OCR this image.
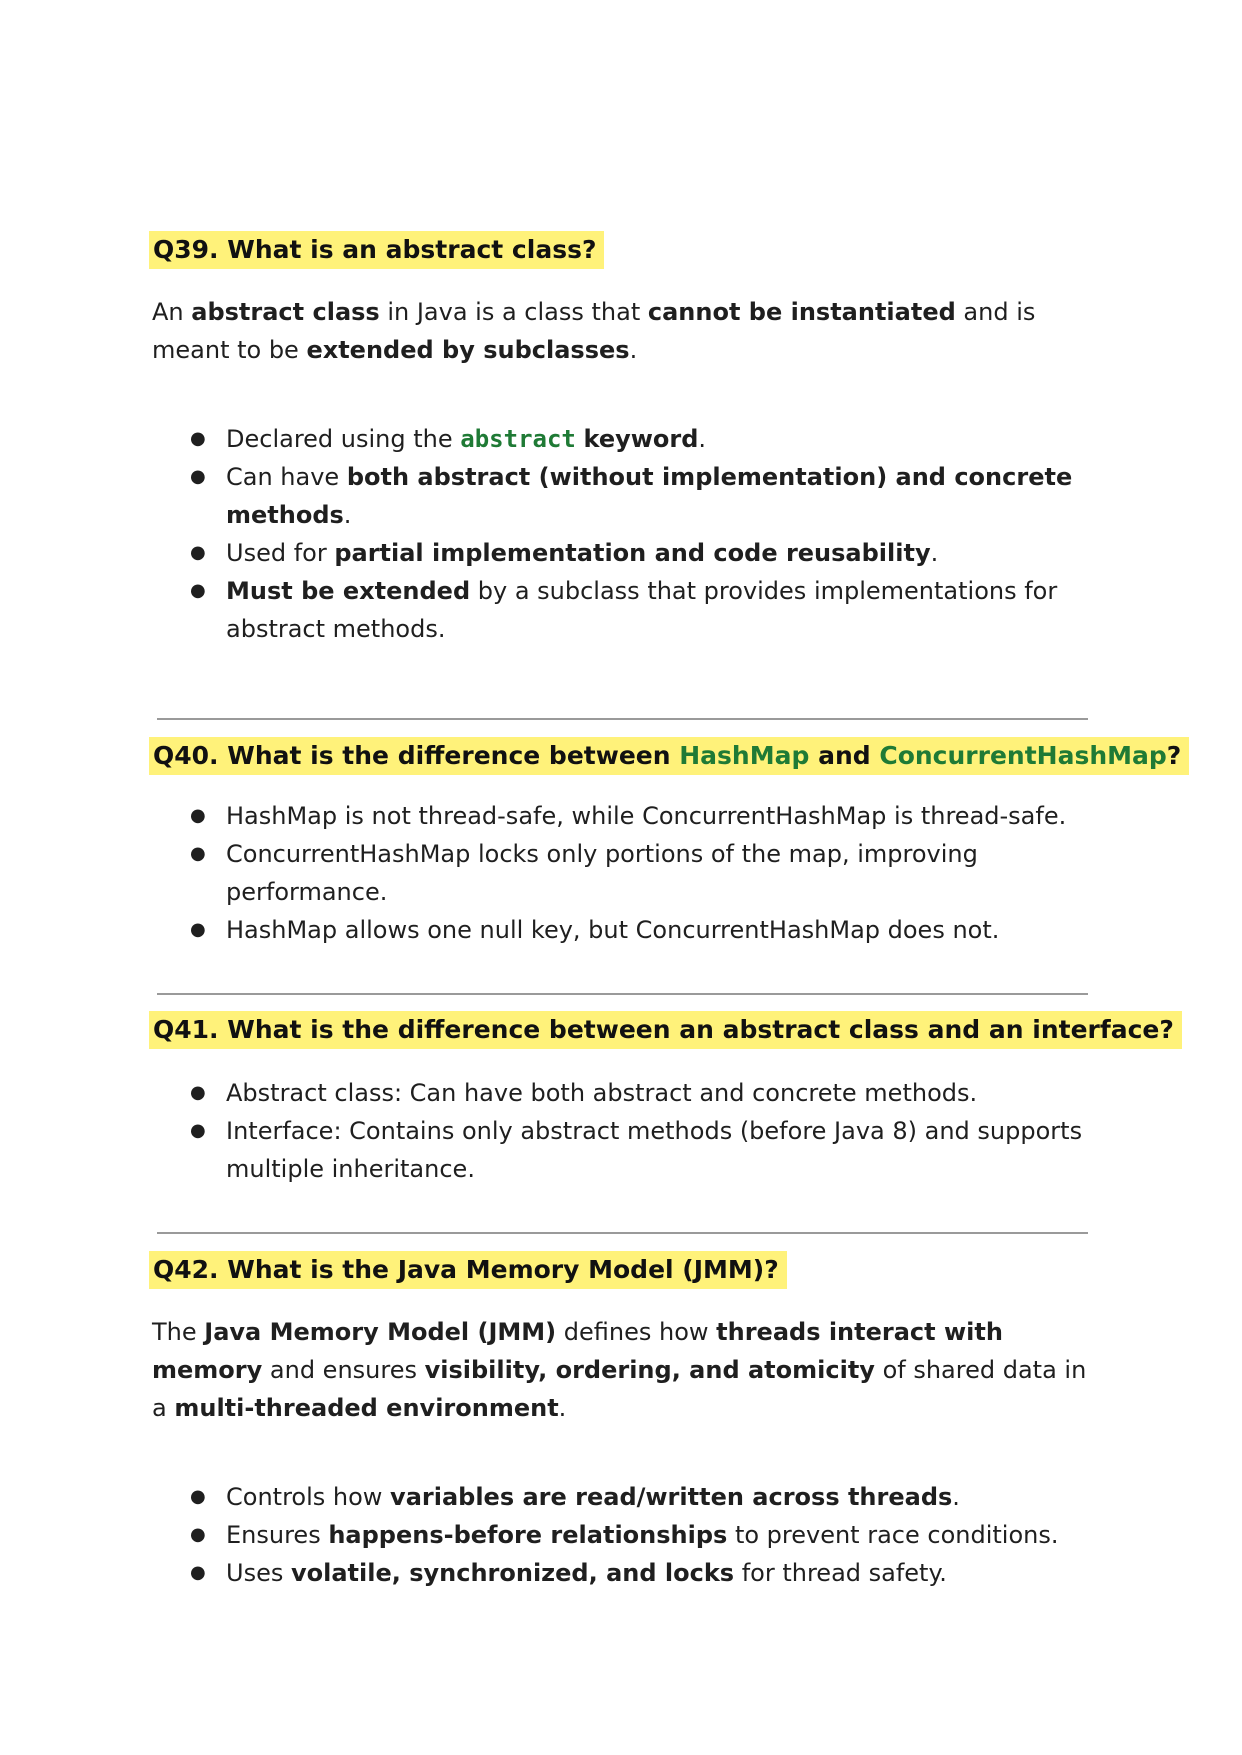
Q39. What is an abstract class?
An abstract class in Java is a class that cannot be instantiated and is meant to be extended by subclasses.
● Declared using the abstract keyword.
● Can have both abstract (without implementation) and concrete methods.
● Used for partial implementation and code reusability.
● Must be extended by a subclass that provides implementations for abstract methods.
Q40. What is the difference between HashMap and ConcurrentHashMap?
● HashMap is not thread-safe, while ConcurrentHashMap is thread-safe.
● ConcurrentHashMap locks only portions of the map, improving performance.
● HashMap allows one null key, but ConcurrentHashMap does not.
Q41. What is the difference between an abstract class and an interface?
● Abstract class: Can have both abstract and concrete methods.
● Interface: Contains only abstract methods (before Java 8) and supports multiple inheritance.
Q42. What is the Java Memory Model (JMM)?
The Java Memory Model (JMM) defines how threads interact with memory and ensures visibility, ordering, and atomicity of shared data in a multi-threaded environment.
● Controls how variables are read/written across threads.
● Ensures happens-before relationships to prevent race conditions.
● Uses volatile, synchronized, and locks for thread safety.
